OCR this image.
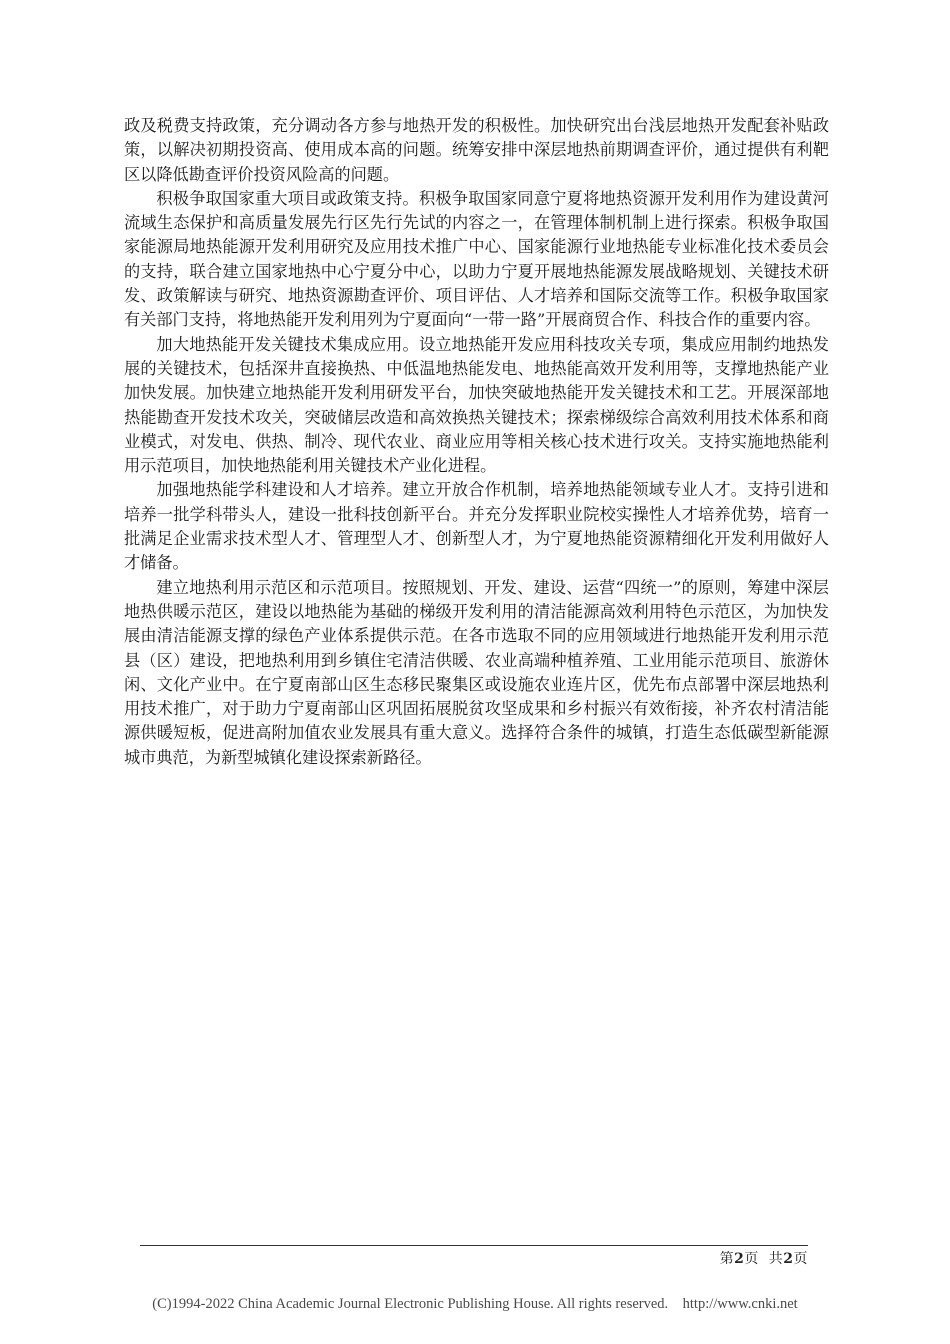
政及税费支持政策，充分调动各方参与地热开发的积极性。加快研究出台浅层地热开发配套补贴政策，以解决初期投资高、使用成本高的问题。统筹安排中深层地热前期调查评价，通过提供有利靶区以降低勘查评价投资风险高的问题。

积极争取国家重大项目或政策支持。积极争取国家同意宁夏将地热资源开发利用作为建设黄河流域生态保护和高质量发展先行区先行先试的内容之一，在管理体制机制上进行探索。积极争取国家能源局地热能源开发利用研究及应用技术推广中心、国家能源行业地热能专业标准化技术委员会的支持，联合建立国家地热中心宁夏分中心，以助力宁夏开展地热能源发展战略规划、关键技术研发、政策解读与研究、地热资源勘查评价、项目评估、人才培养和国际交流等工作。积极争取国家有关部门支持，将地热能开发利用列为宁夏面向“一带一路”开展商贸合作、科技合作的重要内容。

加大地热能开发关键技术集成应用。设立地热能开发应用科技攻关专项，集成应用制约地热发展的关键技术，包括深井直接换热、中低温地热能发电、地热能高效开发利用等，支撑地热能产业加快发展。加快建立地热能开发利用研发平台，加快突破地热能开发关键技术和工艺。开展深部地热能勘查开发技术攻关，突破储层改造和高效换热关键技术；探索梯级综合高效利用技术体系和商业模式，对发电、供热、制冷、现代农业、商业应用等相关核心技术进行攻关。支持实施地热能利用示范项目，加快地热能利用关键技术产业化进程。

加强地热能学科建设和人才培养。建立开放合作机制，培养地热能领域专业人才。支持引进和培养一批学科带头人，建设一批科技创新平台。并充分发挥职业院校实操性人才培养优势，培育一批满足企业需求技术型人才、管理型人才、创新型人才，为宁夏地热能资源精细化开发利用做好人才储备。

建立地热利用示范区和示范项目。按照规划、开发、建设、运营“四统一”的原则，筹建中深层地热供暖示范区，建设以地热能为基础的梯级开发利用的清洁能源高效利用特色示范区，为加快发展由清洁能源支撑的绿色产业体系提供示范。在各市选取不同的应用领域进行地热能开发利用示范县（区）建设，把地热利用到乡镇住宅清洁供暖、农业高端种植养殖、工业用能示范项目、旅游休闲、文化产业中。在宁夏南部山区生态移民聚集区或设施农业连片区，优先布点部署中深层地热利用技术推广，对于助力宁夏南部山区巩固拓展脱贫攻坚成果和乡村振兴有效衔接，补齐农村清洁能源供暖短板，促进高附加值农业发展具有重大意义。选择符合条件的城镇，打造生态低碳型新能源城市典范，为新型城镇化建设探索新路径。

第2页  共2页
(C)1994-2022 China Academic Journal Electronic Publishing House. All rights reserved.    http://www.cnki.net
